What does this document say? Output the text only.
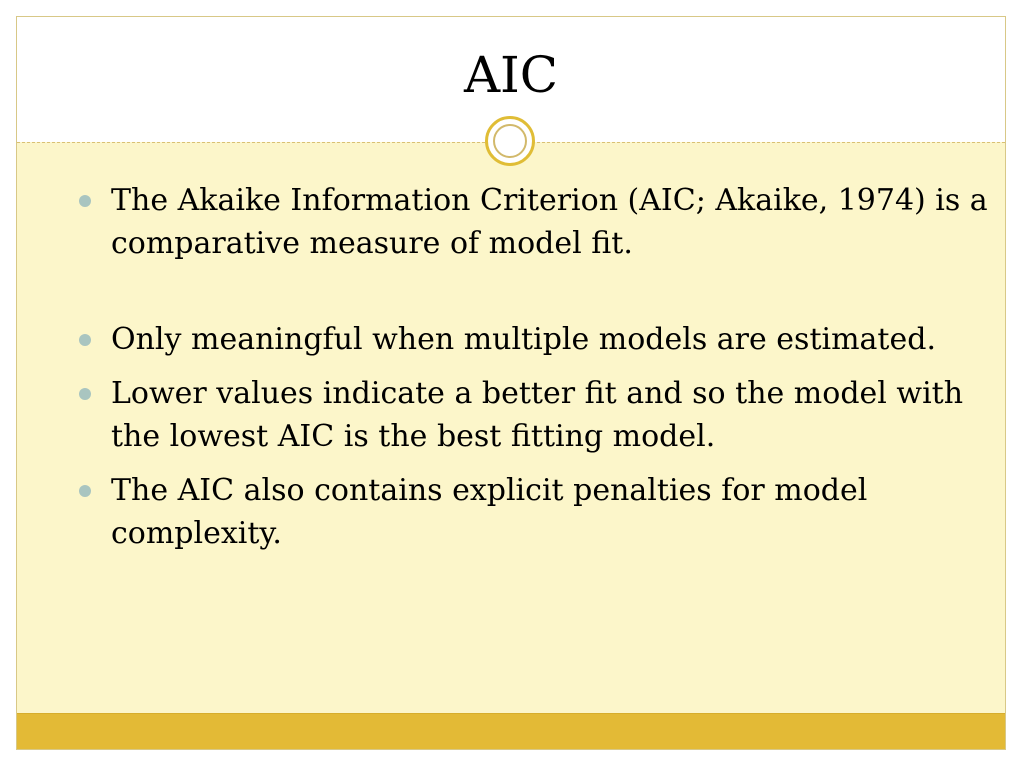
AIC
The Akaike Information Criterion (AIC; Akaike, 1974) is a comparative measure of model fit.
Only meaningful when multiple models are estimated.
Lower values indicate a better fit and so the model with the lowest AIC is the best fitting model.
The AIC also contains explicit penalties for model complexity.
